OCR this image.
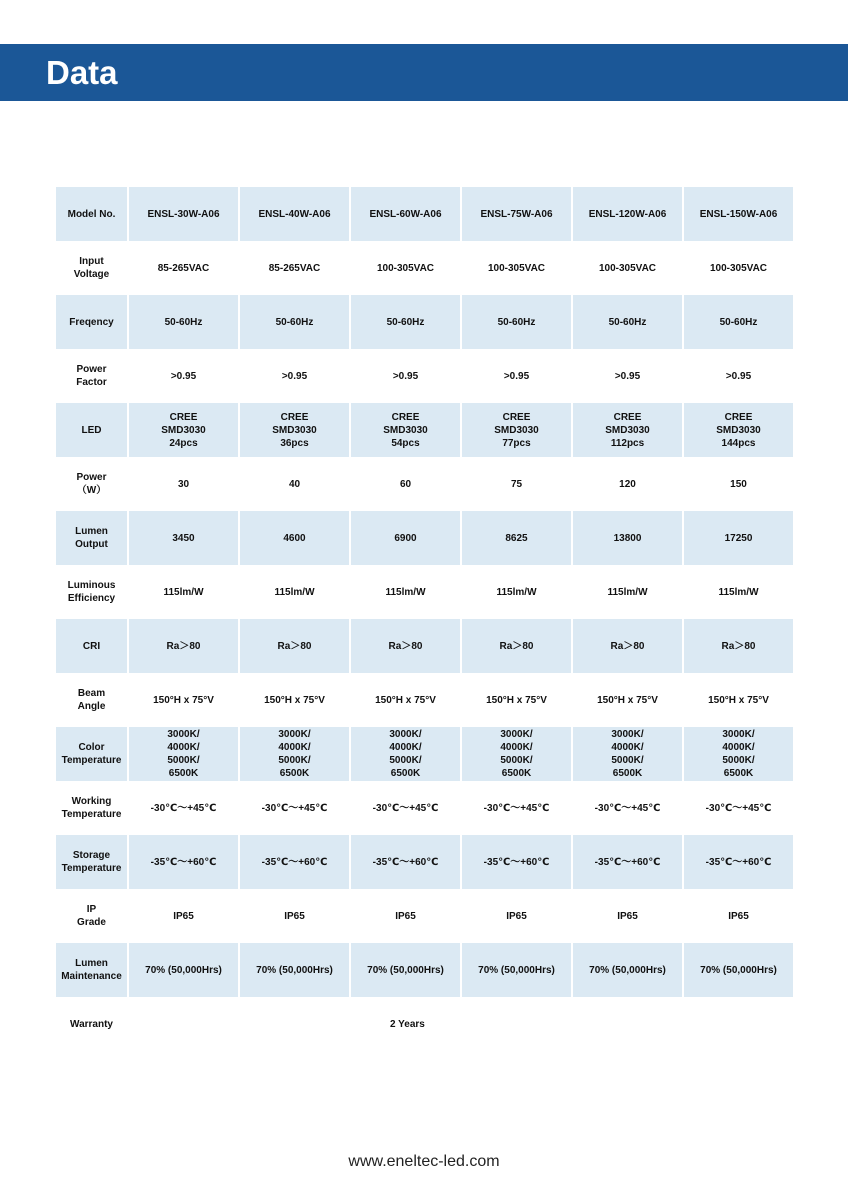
Data
Model No.	ENSL-30W-A06	ENSL-40W-A06	ENSL-60W-A06	ENSL-75W-A06	ENSL-120W-A06	ENSL-150W-A06
Input
Voltage	85-265VAC	85-265VAC	100-305VAC	100-305VAC	100-305VAC	100-305VAC
Freqency	50-60Hz	50-60Hz	50-60Hz	50-60Hz	50-60Hz	50-60Hz
Power
Factor	>0.95	>0.95	>0.95	>0.95	>0.95	>0.95
LED	CREE
SMD3030
24pcs	CREE
SMD3030
36pcs	CREE
SMD3030
54pcs	CREE
SMD3030
77pcs	CREE
SMD3030
112pcs	CREE
SMD3030
144pcs
Power
（W）	30	40	60	75	120	150
Lumen
Output	3450	4600	6900	8625	13800	17250
Luminous
Efficiency	115lm/W	115lm/W	115lm/W	115lm/W	115lm/W	115lm/W
CRI	Ra＞80	Ra＞80	Ra＞80	Ra＞80	Ra＞80	Ra＞80
Beam
Angle	150°H x 75°V	150°H x 75°V	150°H x 75°V	150°H x 75°V	150°H x 75°V	150°H x 75°V
Color
Temperature	3000K/
4000K/
5000K/
6500K	3000K/
4000K/
5000K/
6500K	3000K/
4000K/
5000K/
6500K	3000K/
4000K/
5000K/
6500K	3000K/
4000K/
5000K/
6500K	3000K/
4000K/
5000K/
6500K
Working
Temperature	-30℃～+45℃	-30℃～+45℃	-30℃～+45℃	-30℃～+45℃	-30℃～+45℃	-30℃～+45℃
Storage
Temperature	-35℃～+60℃	-35℃～+60℃	-35℃～+60℃	-35℃～+60℃	-35℃～+60℃	-35℃～+60℃
IP
Grade	IP65	IP65	IP65	IP65	IP65	IP65
Lumen
Maintenance	70% (50,000Hrs)	70% (50,000Hrs)	70% (50,000Hrs)	70% (50,000Hrs)	70% (50,000Hrs)	70% (50,000Hrs)
Warranty	2 Years					
www.eneltec-led.com
